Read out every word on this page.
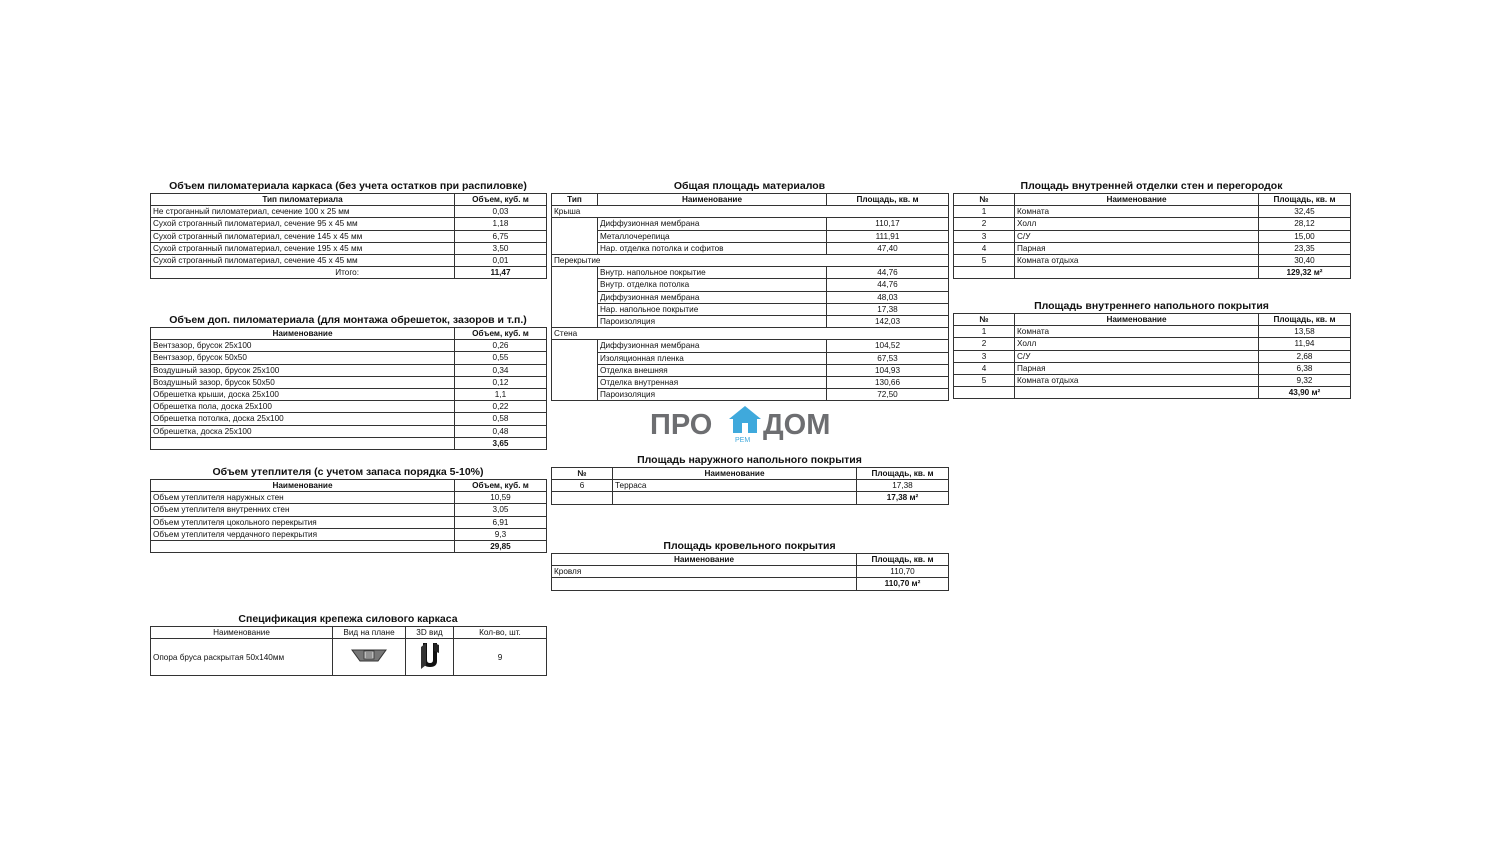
Объем пиломатериала каркаса (без учета остатков при распиловке)
Тип пиломатериала	Объем, куб. м
Не строганный пиломатериал, сечение 100 х 25 мм	0,03
Сухой строганный пиломатериал, сечение 95 х 45 мм	1,18
Сухой строганный пиломатериал, сечение 145 х 45 мм	6,75
Сухой строганный пиломатериал, сечение 195 х 45 мм	3,50
Сухой строганный пиломатериал, сечение 45 х 45 мм	0,01
Итого:	11,47
Объем доп. пиломатериала (для монтажа обрешеток, зазоров и т.п.)
Наименование	Объем, куб. м
Вентзазор, брусок 25х100	0,26
Вентзазор, брусок 50х50	0,55
Воздушный зазор, брусок 25х100	0,34
Воздушный зазор, брусок 50х50	0,12
Обрешетка крыши, доска 25х100	1,1
Обрешетка пола, доска 25х100	0,22
Обрешетка потолка, доска 25х100	0,58
Обрешетка, доска 25х100	0,48
	3,65
Объем утеплителя (с учетом запаса порядка 5-10%)
Наименование	Объем, куб. м
Объем утеплителя наружных стен	10,59
Объем утеплителя внутренних стен	3,05
Объем утеплителя цокольного перекрытия	6,91
Объем утеплителя чердачного перекрытия	9,3
	29,85
Спецификация крепежа силового каркаса
Наименование	Вид на плане	3D вид	Кол-во, шт.
Опора бруса раскрытая 50х140мм			9
Общая площадь материалов
Тип	Наименование	Площадь, кв. м
Крыша		
	Диффузионная мембрана	110,17
	Металлочерепица	111,91
	Нар. отделка потолка и софитов	47,40
Перекрытие		
	Внутр. напольное покрытие	44,76
	Внутр. отделка потолка	44,76
	Диффузионная мембрана	48,03
	Нар. напольное покрытие	17,38
	Пароизоляция	142,03
Стена		
	Диффузионная мембрана	104,52
	Изоляционная пленка	67,53
	Отделка внешняя	104,93
	Отделка внутренная	130,66
	Пароизоляция	72,50
ПРО	РЕМ ДОМ
Площадь наружного напольного покрытия
№	Наименование	Площадь, кв. м
6	Терраса	17,38
		17,38 м²
Площадь кровельного покрытия
Наименование	Площадь, кв. м
Кровля	110,70
	110,70 м²
Площадь внутренней отделки стен и перегородок
№	Наименование	Площадь, кв. м
1	Комната	32,45
2	Холл	28,12
3	С/У	15,00
4	Парная	23,35
5	Комната отдыха	30,40
		129,32 м²
Площадь внутреннего напольного покрытия
№	Наименование	Площадь, кв. м
1	Комната	13,58
2	Холл	11,94
3	С/У	2,68
4	Парная	6,38
5	Комната отдыха	9,32
		43,90 м²
